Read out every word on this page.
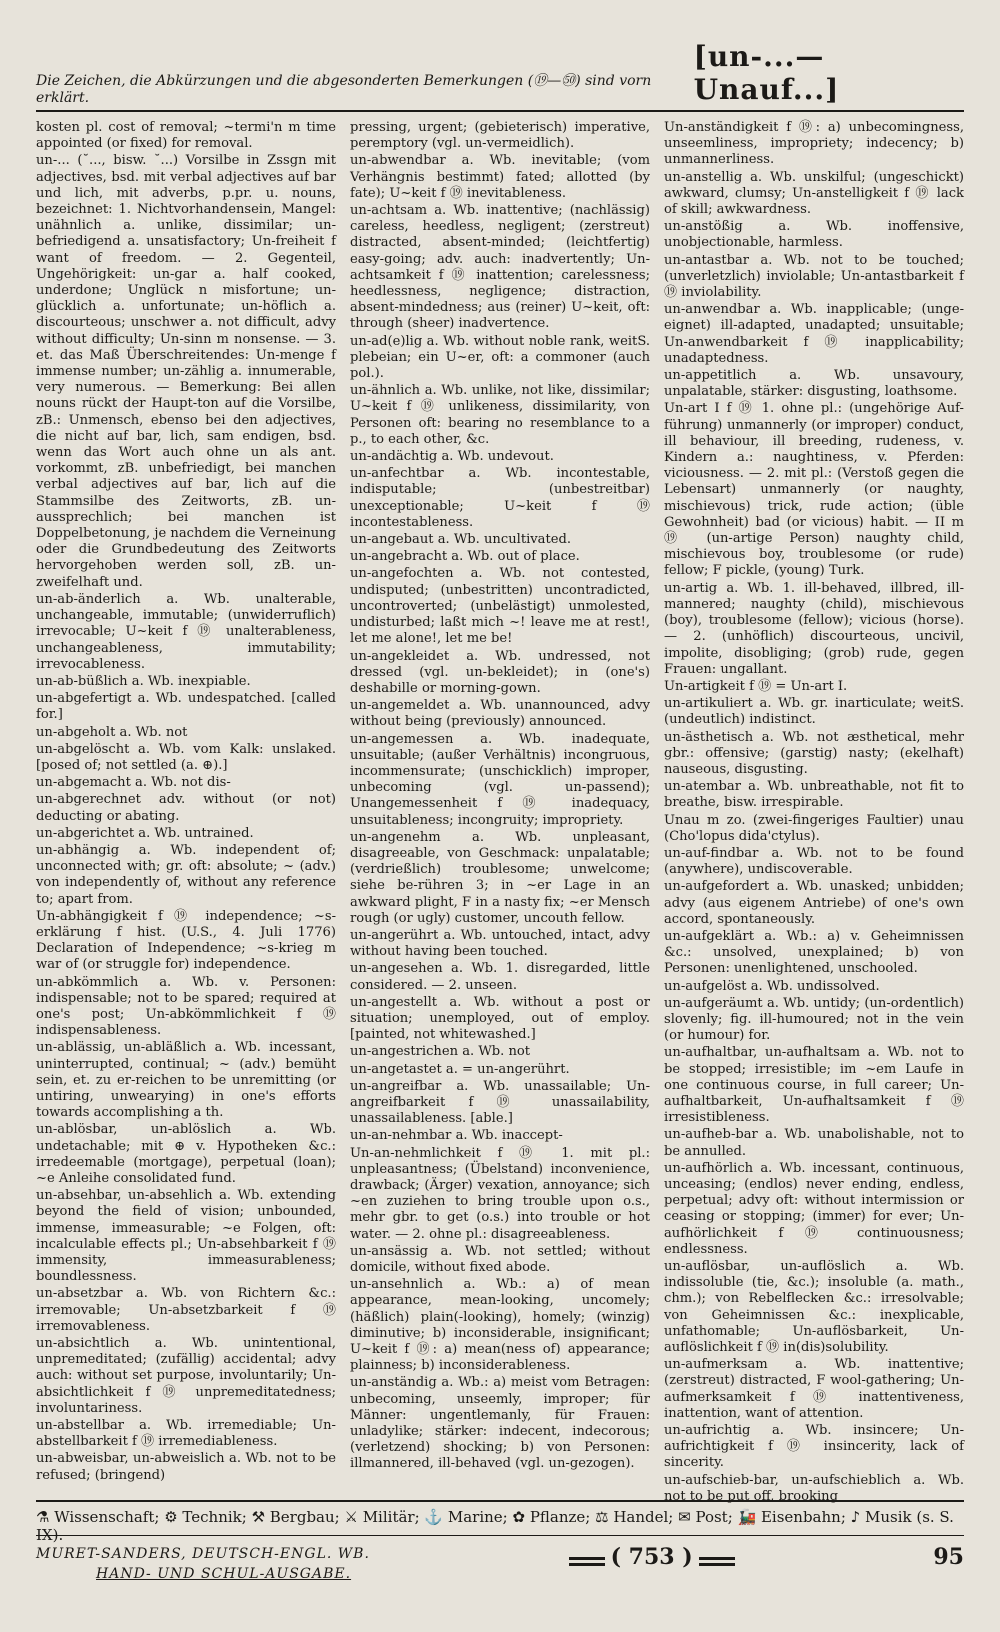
Die Zeichen, die Abkürzungen und die abgesonderten Bemerkungen (⑲—㊿) sind vorn erklärt.
[un-...—Unauf...]

kosten pl. cost of removal; ~termi'n m time appointed (or fixed) for removal.

un-... (˘..., bisw. ˘...) Vorsilbe in Zssgn mit adjectives, bsd. mit verbal adjectives auf bar und lich, mit adverbs, p.pr. u. nouns, bezeichnet: 1. Nichtvorhandensein, Mangel: unähnlich a. unlike, dissimilar; un-befriedigend a. unsatisfactory; Un-freiheit f want of freedom. — 2. Gegenteil, Ungehörigkeit: un-gar a. half cooked, underdone; Unglück n misfortune; un-glücklich a. unfortunate; un-höflich a. discourteous; unschwer a. not difficult, advy without difficulty; Un-sinn m nonsense. — 3. et. das Maß Überschreitendes: Un-menge f immense number; un-zählig a. innumerable, very numerous. — Bemerkung: Bei allen nouns rückt der Haupt-ton auf die Vorsilbe, zB.: Unmensch, ebenso bei den adjectives, die nicht auf bar, lich, sam endigen, bsd. wenn das Wort auch ohne un als ant. vorkommt, zB. unbefriedigt, bei manchen verbal adjectives auf bar, lich auf die Stammsilbe des Zeitworts, zB. un-aussprechlich; bei manchen ist Doppelbetonung, je nachdem die Verneinung oder die Grundbedeutung des Zeitworts hervorgehoben werden soll, zB. un-zweifelhaft und.

un-ab-änderlich a. Wb. unalterable, unchangeable, immutable; (unwiderruflich) irrevocable; U~keit f ⑲ unalterableness, unchangeableness, immutability; irrevocableness.

un-ab-büßlich a. Wb. inexpiable.

un-abgefertigt a. Wb. undespatched. [called for.]

un-abgeholt a. Wb. not

un-abgelöscht a. Wb. vom Kalk: unslaked. [posed of; not settled (a. ⊕).]

un-abgemacht a. Wb. not dis-

un-abgerechnet adv. without (or not) deducting or abating.

un-abgerichtet a. Wb. untrained.

un-abhängig a. Wb. independent of; unconnected with; gr. oft: absolute; ~ (adv.) von independently of, without any reference to; apart from.

Un-abhängigkeit f ⑲ independence; ~s-erklärung f hist. (U.S., 4. Juli 1776) Declaration of Independence; ~s-krieg m war of (or struggle for) independence.

un-abkömmlich a. Wb. v. Personen: indispensable; not to be spared; required at one's post; Un-abkömmlichkeit f ⑲ indispensableness.

un-ablässig, un-abläßlich a. Wb. incessant, uninterrupted, continual; ~ (adv.) bemüht sein, et. zu er-reichen to be unremitting (or untiring, unwearying) in one's efforts towards accomplishing a th.

un-ablösbar, un-ablöslich a. Wb. undetachable; mit ⊕ v. Hypotheken &c.: irredeemable (mortgage), perpetual (loan); ~e Anleihe consolidated fund.

un-absehbar, un-absehlich a. Wb. extending beyond the field of vision; unbounded, immense, immeasurable; ~e Folgen, oft: incalculable effects pl.; Un-absehbarkeit f ⑲ immensity, immeasurableness; boundlessness.

un-absetzbar a. Wb. von Richtern &c.: irremovable; Un-absetzbarkeit f ⑲ irremovableness.

un-absichtlich a. Wb. unintentional, unpremeditated; (zufällig) accidental; advy auch: without set purpose, involuntarily; Un-absichtlichkeit f ⑲ unpremeditatedness; involuntariness.

un-abstellbar a. Wb. irremediable; Un-abstellbarkeit f ⑲ irremediableness.

un-abweisbar, un-abweislich a. Wb. not to be refused; (bringend)

pressing, urgent; (gebieterisch) imperative, peremptory (vgl. un-vermeidlich).

un-abwendbar a. Wb. inevitable; (vom Verhängnis bestimmt) fated; allotted (by fate); U~keit f ⑲ inevitableness.

un-achtsam a. Wb. inattentive; (nachlässig) careless, heedless, negligent; (zerstreut) distracted, absent-minded; (leichtfertig) easy-going; adv. auch: inadvertently; Un-achtsamkeit f ⑲ inattention; carelessness; heedlessness, negligence; distraction, absent-mindedness; aus (reiner) U~keit, oft: through (sheer) inadvertence.

un-ad(e)lig a. Wb. without noble rank, weitS. plebeian; ein U~er, oft: a commoner (auch pol.).

un-ähnlich a. Wb. unlike, not like, dissimilar; U~keit f ⑲ unlikeness, dissimilarity, von Personen oft: bearing no resemblance to a p., to each other, &c.

un-andächtig a. Wb. undevout.

un-anfechtbar a. Wb. incontestable, indisputable; (unbestreitbar) unexceptionable; U~keit f ⑲ incontestableness.

un-angebaut a. Wb. uncultivated.

un-angebracht a. Wb. out of place.

un-angefochten a. Wb. not contested, undisputed; (unbestritten) uncontradicted, uncontroverted; (unbelästigt) unmolested, undisturbed; laßt mich ~! leave me at rest!, let me alone!, let me be!

un-angekleidet a. Wb. undressed, not dressed (vgl. un-bekleidet); in (one's) deshabille or morning-gown.

un-angemeldet a. Wb. unannounced, advy without being (previously) announced.

un-angemessen a. Wb. inadequate, unsuitable; (außer Verhältnis) incongruous, incommensurate; (unschicklich) improper, unbecoming (vgl. un-passend); Unangemessenheit f ⑲ inadequacy, unsuitableness; incongruity; impropriety.

un-angenehm a. Wb. unpleasant, disagreeable, von Geschmack: unpalatable; (verdrießlich) troublesome; unwelcome; siehe be-rühren 3; in ~er Lage in an awkward plight, F in a nasty fix; ~er Mensch rough (or ugly) customer, uncouth fellow.

un-angerührt a. Wb. untouched, intact, advy without having been touched.

un-angesehen a. Wb. 1. disregarded, little considered. — 2. unseen.

un-angestellt a. Wb. without a post or situation; unemployed, out of employ. [painted, not whitewashed.]

un-angestrichen a. Wb. not

un-angetastet a. = un-angerührt.

un-angreifbar a. Wb. unassailable; Un-angreifbarkeit f ⑲ unassailability, unassailableness. [able.]

un-an-nehmbar a. Wb. inaccept-

Un-an-nehmlichkeit f ⑲ 1. mit pl.: unpleasantness; (Übelstand) inconvenience, drawback; (Ärger) vexation, annoyance; sich ~en zuziehen to bring trouble upon o.s., mehr gbr. to get (o.s.) into trouble or hot water. — 2. ohne pl.: disagreeableness.

un-ansässig a. Wb. not settled; without domicile, without fixed abode.

un-ansehnlich a. Wb.: a) of mean appearance, mean-looking, uncomely; (häßlich) plain(-looking), homely; (winzig) diminutive; b) inconsiderable, insignificant; U~keit f ⑲: a) mean(ness of) appearance; plainness; b) inconsiderableness.

un-anständig a. Wb.: a) meist vom Betragen: unbecoming, unseemly, improper; für Männer: ungentlemanly, für Frauen: unladylike; stärker: indecent, indecorous; (verletzend) shocking; b) von Personen: illmannered, ill-behaved (vgl. un-gezogen).

Un-anständigkeit f ⑲: a) unbecomingness, unseemliness, impropriety; indecency; b) unmannerliness.

un-anstellig a. Wb. unskilful; (ungeschickt) awkward, clumsy; Un-anstelligkeit f ⑲ lack of skill; awkwardness.

un-anstößig a. Wb. inoffensive, unobjectionable, harmless.

un-antastbar a. Wb. not to be touched; (unverletzlich) inviolable; Un-antastbarkeit f ⑲ inviolability.

un-anwendbar a. Wb. inapplicable; (unge-eignet) ill-adapted, unadapted; unsuitable; Un-anwendbarkeit f ⑲ inapplicability; unadaptedness.

un-appetitlich a. Wb. unsavoury, unpalatable, stärker: disgusting, loathsome.

Un-art I f ⑲ 1. ohne pl.: (ungehörige Auf-führung) unmannerly (or improper) conduct, ill behaviour, ill breeding, rudeness, v. Kindern a.: naughtiness, v. Pferden: viciousness. — 2. mit pl.: (Verstoß gegen die Lebensart) unmannerly (or naughty, mischievous) trick, rude action; (üble Gewohnheit) bad (or vicious) habit. — II m ⑲ (un-artige Person) naughty child, mischievous boy, troublesome (or rude) fellow; F pickle, (young) Turk.

un-artig a. Wb. 1. ill-behaved, illbred, ill-mannered; naughty (child), mischievous (boy), troublesome (fellow); vicious (horse). — 2. (unhöflich) discourteous, uncivil, impolite, disobliging; (grob) rude, gegen Frauen: ungallant.

Un-artigkeit f ⑲ = Un-art I.

un-artikuliert a. Wb. gr. inarticulate; weitS. (undeutlich) indistinct.

un-ästhetisch a. Wb. not æsthetical, mehr gbr.: offensive; (garstig) nasty; (ekelhaft) nauseous, disgusting.

un-atembar a. Wb. unbreathable, not fit to breathe, bisw. irrespirable.

Unau m zo. (zwei-fingeriges Faultier) unau (Cho'lopus dida'ctylus).

un-auf-findbar a. Wb. not to be found (anywhere), undiscoverable.

un-aufgefordert a. Wb. unasked; unbidden; advy (aus eigenem Antriebe) of one's own accord, spontaneously.

un-aufgeklärt a. Wb.: a) v. Geheimnissen &c.: unsolved, unexplained; b) von Personen: unenlightened, unschooled.

un-aufgelöst a. Wb. undissolved.

un-aufgeräumt a. Wb. untidy; (un-ordentlich) slovenly; fig. ill-humoured; not in the vein (or humour) for.

un-aufhaltbar, un-aufhaltsam a. Wb. not to be stopped; irresistible; im ~em Laufe in one continuous course, in full career; Un-aufhaltbarkeit, Un-aufhaltsamkeit f ⑲ irresistibleness.

un-aufheb-bar a. Wb. unabolishable, not to be annulled.

un-aufhörlich a. Wb. incessant, continuous, unceasing; (endlos) never ending, endless, perpetual; advy oft: without intermission or ceasing or stopping; (immer) for ever; Un-aufhörlichkeit f ⑲ continuousness; endlessness.

un-auflösbar, un-auflöslich a. Wb. indissoluble (tie, &c.); insoluble (a. math., chm.); von Rebelflecken &c.: irresolvable; von Geheimnissen &c.: inexplicable, unfathomable; Un-auflösbarkeit, Un-auflöslichkeit f ⑲ in(dis)solubility.

un-aufmerksam a. Wb. inattentive; (zerstreut) distracted, F wool-gathering; Un-aufmerksamkeit f ⑲ inattentiveness, inattention, want of attention.

un-aufrichtig a. Wb. insincere; Un-aufrichtigkeit f ⑲ insincerity, lack of sincerity.

un-aufschieb-bar, un-aufschieblich a. Wb. not to be put off, brooking

⚗ Wissenschaft; ⚙ Technik; ⚒ Bergbau; ⚔ Militär; ⚓ Marine; ✿ Pflanze; ⚖ Handel; ✉ Post; 🚂 Eisenbahn; ♪ Musik (s. S. IX).
MURET-SANDERS, DEUTSCH-ENGL. WB.
HAND- UND SCHUL-AUSGABE.
( 753 )	95
